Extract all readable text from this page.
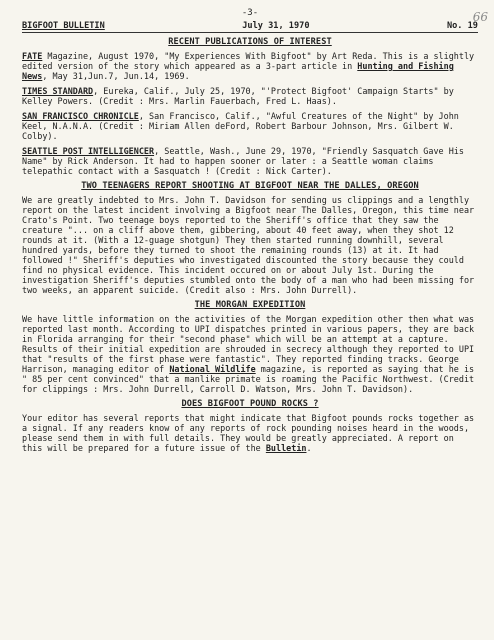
66
-3-
BIGFOOT BULLETIN	July 31, 1970	No. 19
RECENT PUBLICATIONS OF INTEREST

FATE Magazine, August 1970, "My Experiences With Bigfoot" by Art Reda. This is a slightly edited version of the story which appeared as a 3-part article in Hunting and Fishing News, May 31,Jun.7, Jun.14, 1969.

TIMES STANDARD, Eureka, Calif., July 25, 1970, "'Protect Bigfoot' Campaign Starts" by Kelley Powers. (Credit : Mrs. Marlin Fauerbach, Fred L. Haas).

SAN FRANCISCO CHRONICLE, San Francisco, Calif., "Awful Creatures of the Night" by John Keel, N.A.N.A. (Credit : Miriam Allen deFord, Robert Barbour Johnson, Mrs. Gilbert W. Colby).

SEATTLE POST INTELLIGENCER, Seattle, Wash., June 29, 1970, "Friendly Sasquatch Gave His Name" by Rick Anderson. It had to happen sooner or later : a Seattle woman claims telepathic contact with a Sasquatch ! (Credit : Nick Carter).

TWO TEENAGERS REPORT SHOOTING AT BIGFOOT NEAR THE DALLES, OREGON

We are greatly indebted to Mrs. John T. Davidson for sending us clippings and a lengthly report on the latest incident involving a Bigfoot near The Dalles, Oregon, this time near Crato's Point. Two teenage boys reported to the Sheriff's office that they saw the creature "... on a cliff above them, gibbering, about 40 feet away, when they shot 12 rounds at it. (With a 12-guage shotgun) They then started running downhill, several hundred yards, before they turned to shoot the remaining rounds (13) at it. It had followed !" Sheriff's deputies who investigated discounted the story because they could find no physical evidence. This incident occured on or about July 1st. During the investigation Sheriff's deputies stumbled onto the body of a man who had been missing for two weeks, an apparent suicide. (Credit also : Mrs. John Durrell).

THE MORGAN EXPEDITION

We have little information on the activities of the Morgan expedition other then what was reported last month. According to UPI dispatches printed in various papers, they are back in Florida arranging for their "second phase" which will be an attempt at a capture. Results of their initial expedition are shrouded in secrecy although they reported to UPI that "results of the first phase were fantastic". They reported finding tracks. George Harrison, managing editor of National Wildlife magazine, is reported as saying that he is " 85 per cent convinced" that a manlike primate is roaming the Pacific Northwest. (Credit for clippings : Mrs. John Durrell, Carroll D. Watson, Mrs. John T. Davidson).

DOES BIGFOOT POUND ROCKS ?

Your editor has several reports that might indicate that Bigfoot pounds rocks together as a signal. If any readers know of any reports of rock pounding noises heard in the woods, please send them in with full details. They would be greatly appreciated. A report on this will be prepared for a future issue of the Bulletin.
